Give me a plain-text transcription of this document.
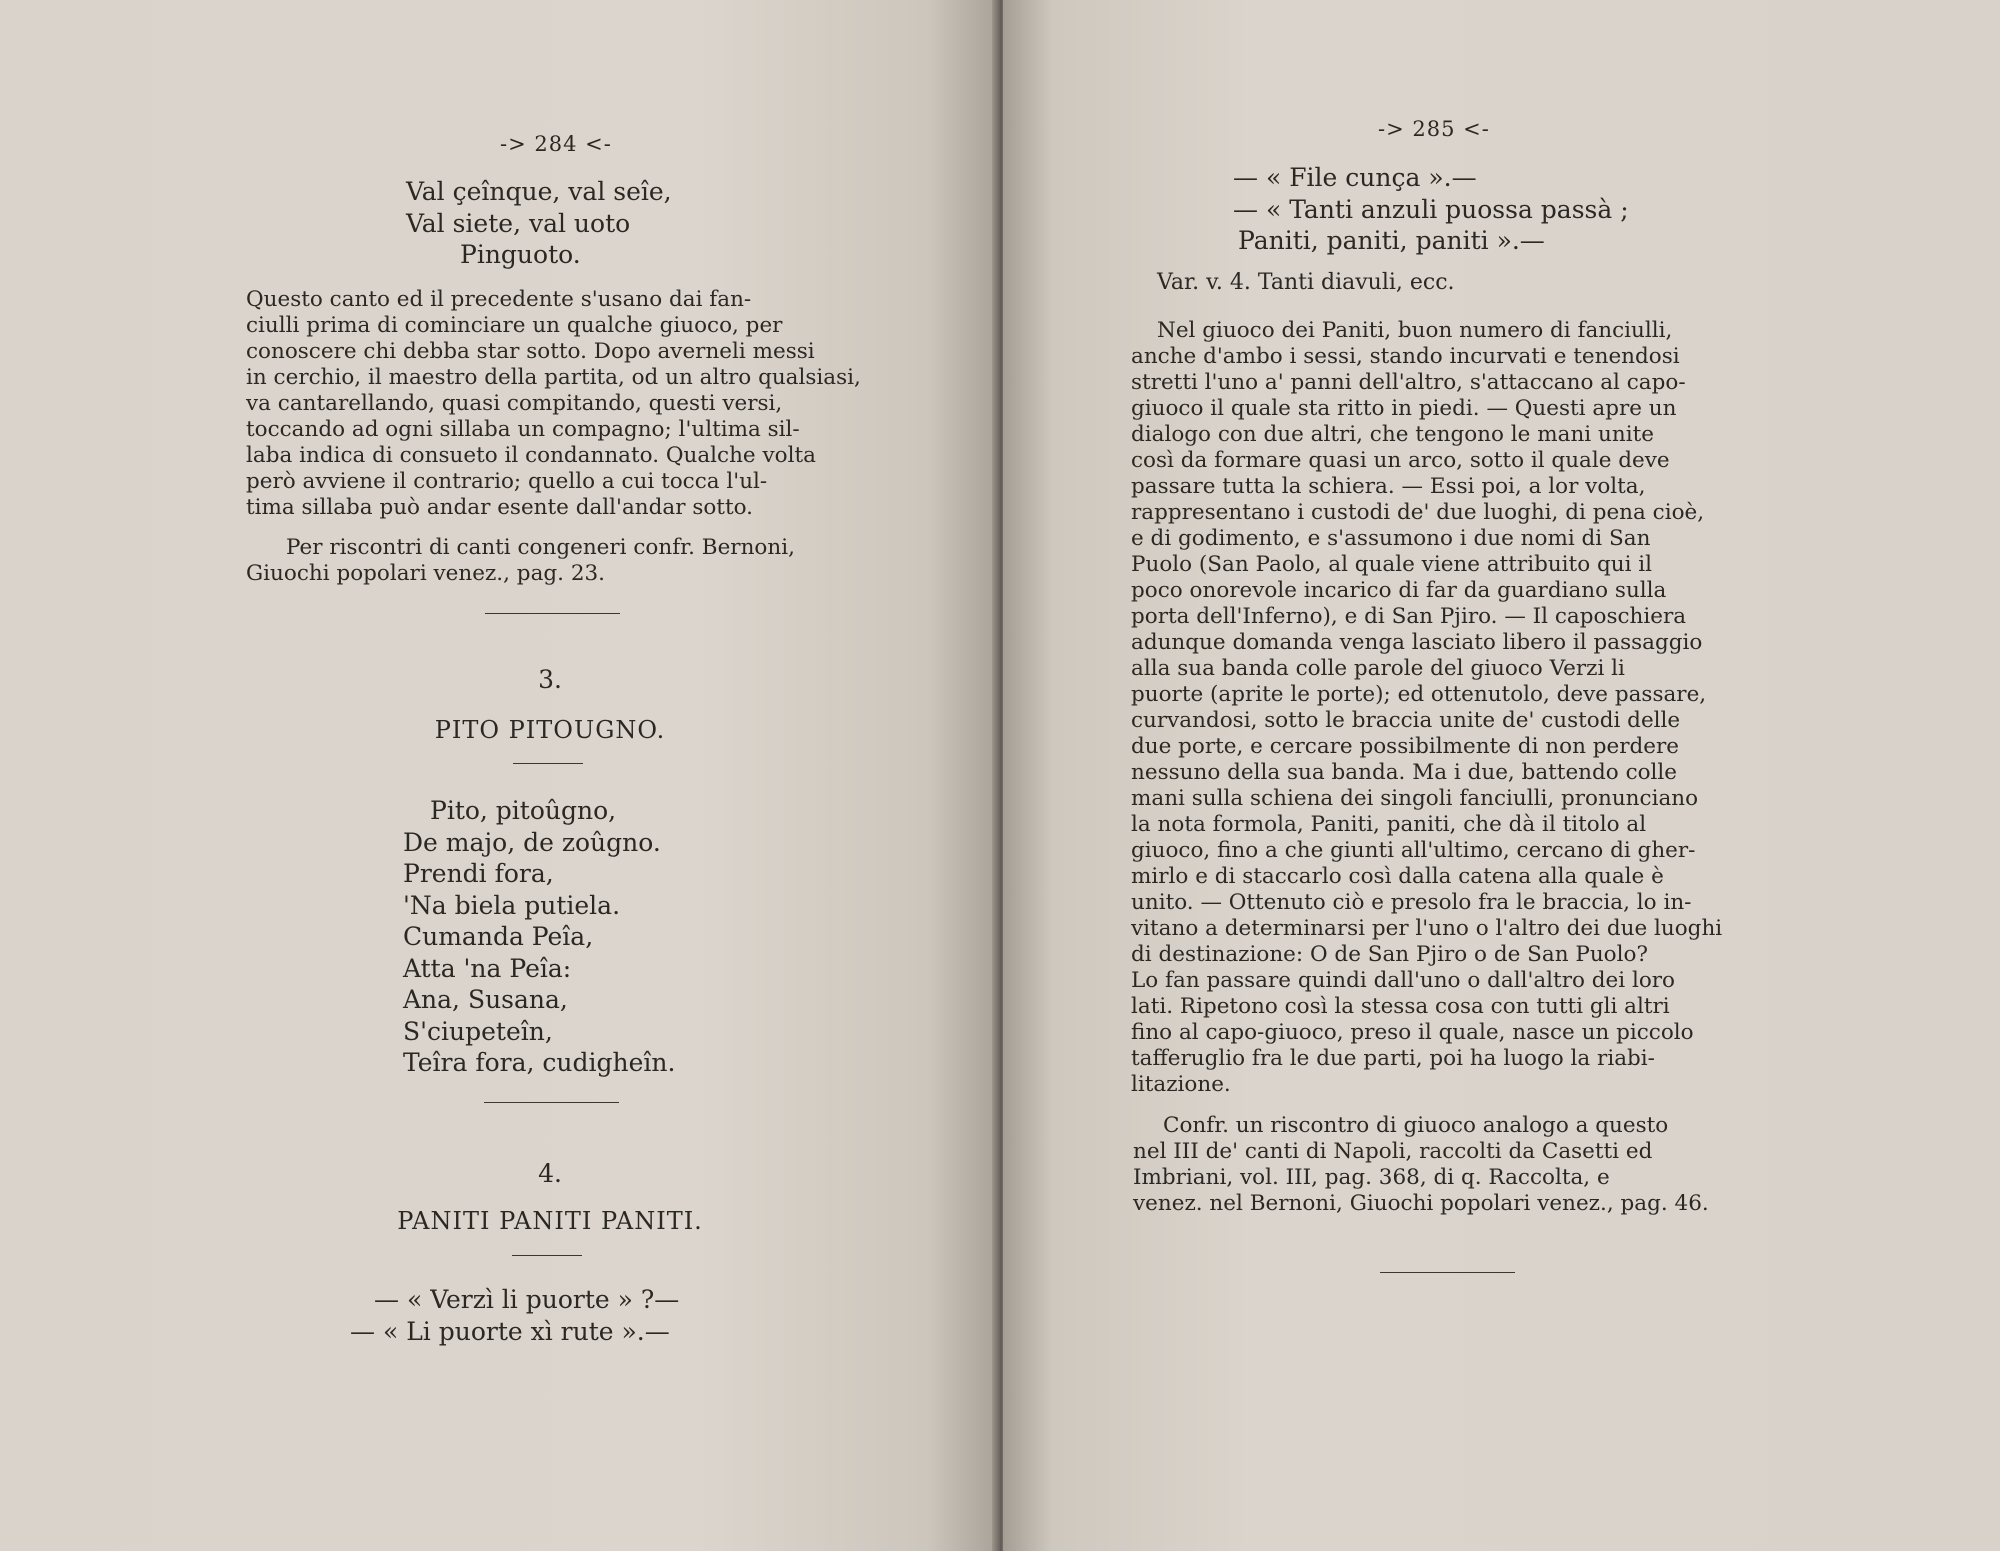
-> 284 <-
Val çeînque, val seîe,
Val siete, val uoto
Pinguoto.
Questo canto ed il precedente s'usano dai fan-
ciulli prima di cominciare un qualche giuoco, per
conoscere chi debba star sotto. Dopo averneli messi
in cerchio, il maestro della partita, od un altro qualsiasi,
va cantarellando, quasi compitando, questi versi,
toccando ad ogni sillaba un compagno; l'ultima sil-
laba indica di consueto il condannato. Qualche volta
però avviene il contrario; quello a cui tocca l'ul-
tima sillaba può andar esente dall'andar sotto.
Per riscontri di canti congeneri confr. Bernoni,
Giuochi popolari venez., pag. 23.
3.
PITO PITOUGNO.
Pito, pitoûgno,
De majo, de zoûgno.
Prendi fora,
'Na biela putiela.
Cumanda Peîa,
Atta 'na Peîa:
Ana, Susana,
S'ciupeteîn,
Teîra fora, cudigheîn.
4.
PANITI PANITI PANITI.
— « Verzì li puorte » ?—
— « Li puorte xì rute ».—
-> 285 <-
— « File cunça ».—
— « Tanti anzuli puossa passà ;
Paniti, paniti, paniti ».—
Var. v. 4. Tanti diavuli, ecc.
Nel giuoco dei Paniti, buon numero di fanciulli,
anche d'ambo i sessi, stando incurvati e tenendosi
stretti l'uno a' panni dell'altro, s'attaccano al capo-
giuoco il quale sta ritto in piedi. — Questi apre un
dialogo con due altri, che tengono le mani unite
così da formare quasi un arco, sotto il quale deve
passare tutta la schiera. — Essi poi, a lor volta,
rappresentano i custodi de' due luoghi, di pena cioè,
e di godimento, e s'assumono i due nomi di San
Puolo (San Paolo, al quale viene attribuito qui il
poco onorevole incarico di far da guardiano sulla
porta dell'Inferno), e di San Pjiro. — Il caposchiera
adunque domanda venga lasciato libero il passaggio
alla sua banda colle parole del giuoco Verzi li
puorte (aprite le porte); ed ottenutolo, deve passare,
curvandosi, sotto le braccia unite de' custodi delle
due porte, e cercare possibilmente di non perdere
nessuno della sua banda. Ma i due, battendo colle
mani sulla schiena dei singoli fanciulli, pronunciano
la nota formola, Paniti, paniti, che dà il titolo al
giuoco, fino a che giunti all'ultimo, cercano di gher-
mirlo e di staccarlo così dalla catena alla quale è
unito. — Ottenuto ciò e presolo fra le braccia, lo in-
vitano a determinarsi per l'uno o l'altro dei due luoghi
di destinazione: O de San Pjiro o de San Puolo?
Lo fan passare quindi dall'uno o dall'altro dei loro
lati. Ripetono così la stessa cosa con tutti gli altri
fino al capo-giuoco, preso il quale, nasce un piccolo
tafferuglio fra le due parti, poi ha luogo la riabi-
litazione.
Confr. un riscontro di giuoco analogo a questo
nel III de' canti di Napoli, raccolti da Casetti ed
Imbriani, vol. III, pag. 368, di q. Raccolta, e
venez. nel Bernoni, Giuochi popolari venez., pag. 46.
